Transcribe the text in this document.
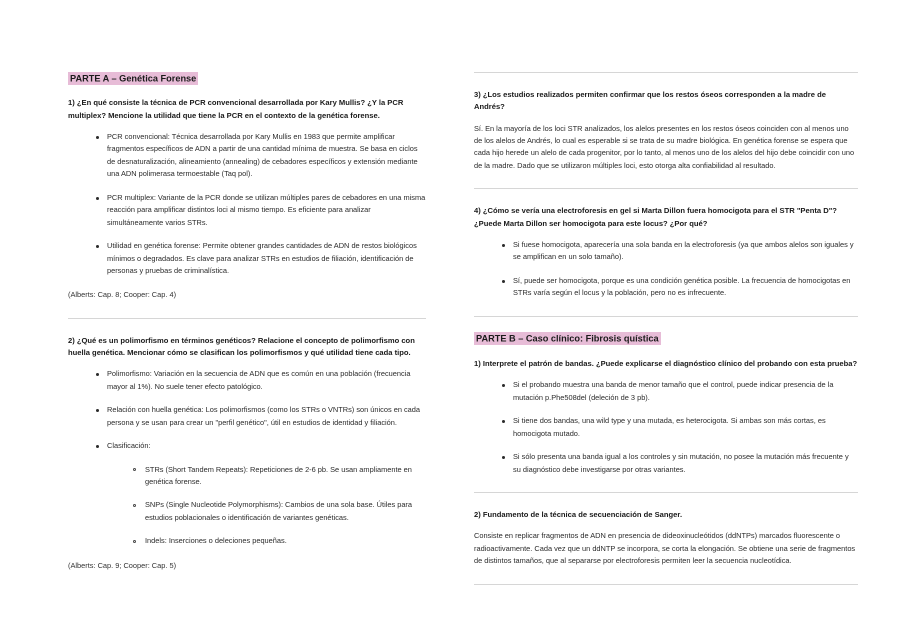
PARTE A – Genética Forense
1) ¿En qué consiste la técnica de PCR convencional desarrollada por Kary Mullis? ¿Y la PCR multiplex? Mencione la utilidad que tiene la PCR en el contexto de la genética forense.
PCR convencional: Técnica desarrollada por Kary Mullis en 1983 que permite amplificar fragmentos específicos de ADN a partir de una cantidad mínima de muestra. Se basa en ciclos de desnaturalización, alineamiento (annealing) de cebadores específicos y extensión mediante una ADN polimerasa termoestable (Taq pol).
PCR multiplex: Variante de la PCR donde se utilizan múltiples pares de cebadores en una misma reacción para amplificar distintos loci al mismo tiempo. Es eficiente para analizar simultáneamente varios STRs.
Utilidad en genética forense: Permite obtener grandes cantidades de ADN de restos biológicos mínimos o degradados. Es clave para analizar STRs en estudios de filiación, identificación de personas y pruebas de criminalística.
(Alberts: Cap. 8; Cooper: Cap. 4)
2) ¿Qué es un polimorfismo en términos genéticos? Relacione el concepto de polimorfismo con huella genética. Mencionar cómo se clasifican los polimorfismos y qué utilidad tiene cada tipo.
Polimorfismo: Variación en la secuencia de ADN que es común en una población (frecuencia mayor al 1%). No suele tener efecto patológico.
Relación con huella genética: Los polimorfismos (como los STRs o VNTRs) son únicos en cada persona y se usan para crear un "perfil genético", útil en estudios de identidad y filiación.
Clasificación:
STRs (Short Tandem Repeats): Repeticiones de 2-6 pb. Se usan ampliamente en genética forense.
SNPs (Single Nucleotide Polymorphisms): Cambios de una sola base. Útiles para estudios poblacionales o identificación de variantes genéticas.
Indels: Inserciones o deleciones pequeñas.
(Alberts: Cap. 9; Cooper: Cap. 5)
3) ¿Los estudios realizados permiten confirmar que los restos óseos corresponden a la madre de Andrés?
Sí. En la mayoría de los loci STR analizados, los alelos presentes en los restos óseos coinciden con al menos uno de los alelos de Andrés, lo cual es esperable si se trata de su madre biológica. En genética forense se espera que cada hijo herede un alelo de cada progenitor, por lo tanto, al menos uno de los alelos del hijo debe coincidir con uno de la madre. Dado que se utilizaron múltiples loci, esto otorga alta confiabilidad al resultado.
4) ¿Cómo se vería una electroforesis en gel si Marta Dillon fuera homocigota para el STR "Penta D"? ¿Puede Marta Dillon ser homocigota para este locus? ¿Por qué?
Si fuese homocigota, aparecería una sola banda en la electroforesis (ya que ambos alelos son iguales y se amplifican en un solo tamaño).
Sí, puede ser homocigota, porque es una condición genética posible. La frecuencia de homocigotas en STRs varía según el locus y la población, pero no es infrecuente.
PARTE B – Caso clínico: Fibrosis quística
1) Interprete el patrón de bandas. ¿Puede explicarse el diagnóstico clínico del probando con esta prueba?
Si el probando muestra una banda de menor tamaño que el control, puede indicar presencia de la mutación p.Phe508del (deleción de 3 pb).
Si tiene dos bandas, una wild type y una mutada, es heterocigota. Si ambas son más cortas, es homocigota mutado.
Si sólo presenta una banda igual a los controles y sin mutación, no posee la mutación más frecuente y su diagnóstico debe investigarse por otras variantes.
2) Fundamento de la técnica de secuenciación de Sanger.
Consiste en replicar fragmentos de ADN en presencia de dideoxinucleótidos (ddNTPs) marcados fluorescente o radioactivamente. Cada vez que un ddNTP se incorpora, se corta la elongación. Se obtiene una serie de fragmentos de distintos tamaños, que al separarse por electroforesis permiten leer la secuencia nucleotídica.
